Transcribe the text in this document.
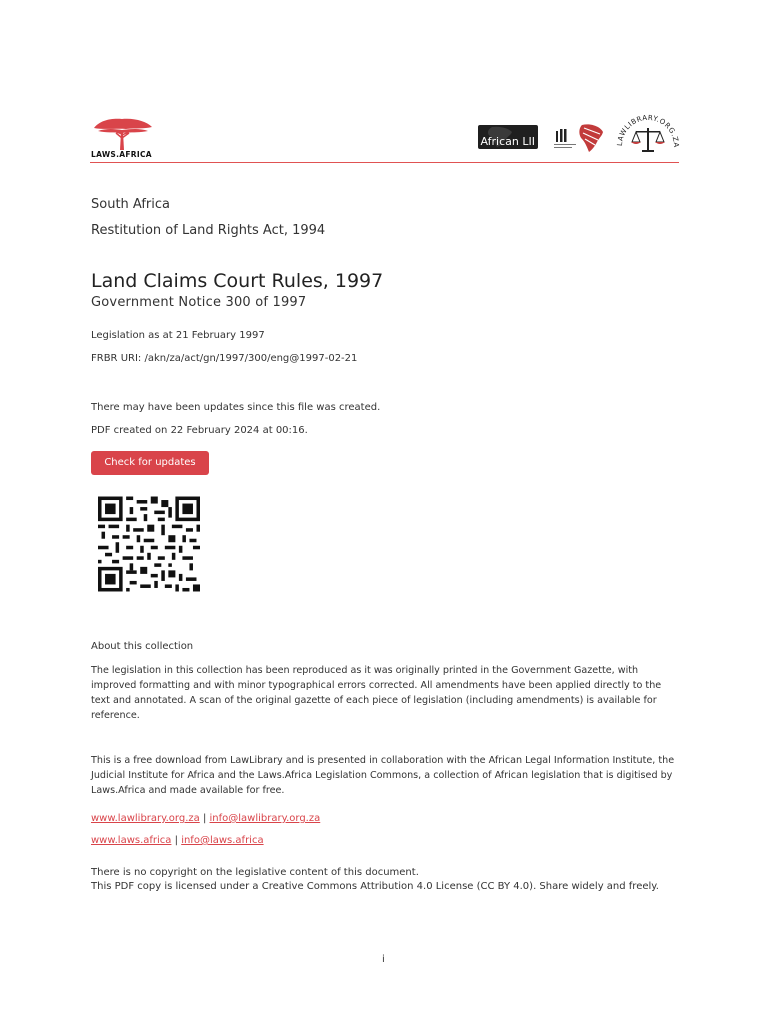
LAWS.AFRICA
African LII	LAWLIBRARY.ORG.ZA
South Africa
Restitution of Land Rights Act, 1994
Land Claims Court Rules, 1997
Government Notice 300 of 1997
Legislation as at 21 February 1997
FRBR URI: /akn/za/act/gn/1997/300/eng@1997-02-21
There may have been updates since this file was created.
PDF created on 22 February 2024 at 00:16.
Check for updates
About this collection
The legislation in this collection has been reproduced as it was originally printed in the Government Gazette, with improved formatting and with minor typographical errors corrected. All amendments have been applied directly to the text and annotated. A scan of the original gazette of each piece of legislation (including amendments) is available for reference.
This is a free download from LawLibrary and is presented in collaboration with the African Legal Information Institute, the Judicial Institute for Africa and the Laws.Africa Legislation Commons, a collection of African legislation that is digitised by Laws.Africa and made available for free.
www.lawlibrary.org.za | info@lawlibrary.org.za
www.laws.africa | info@laws.africa
There is no copyright on the legislative content of this document.
This PDF copy is licensed under a Creative Commons Attribution 4.0 License (CC BY 4.0). Share widely and freely.
i
